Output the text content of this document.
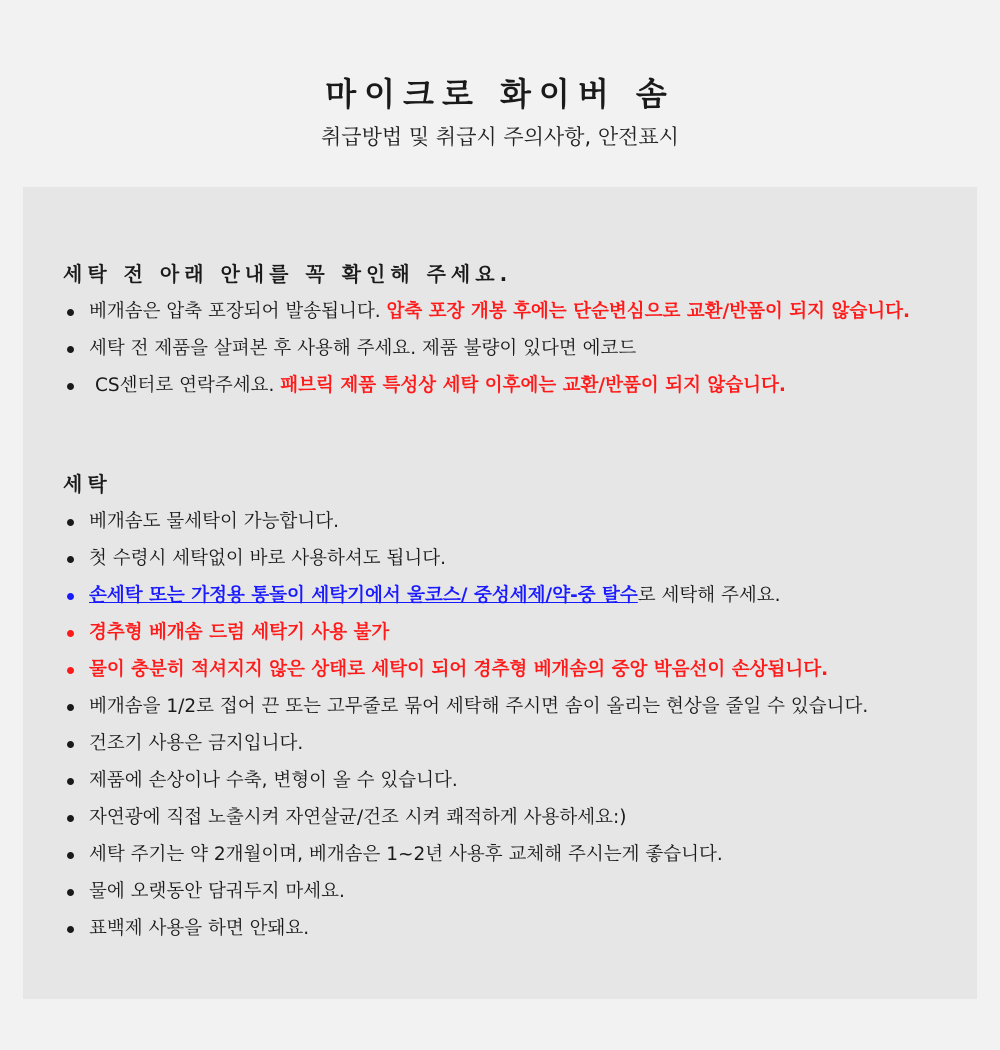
마이크로 화이버 솜
취급방법 및 취급시 주의사항, 안전표시
세탁 전 아래 안내를 꼭 확인해 주세요.
베개솜은 압축 포장되어 발송됩니다. 압축 포장 개봉 후에는 단순변심으로 교환/반품이 되지 않습니다.
세탁 전 제품을 살펴본 후 사용해 주세요. 제품 불량이 있다면 에코드
CS센터로 연락주세요. 패브릭 제품 특성상 세탁 이후에는 교환/반품이 되지 않습니다.
세탁
베개솜도 물세탁이 가능합니다.
첫 수령시 세탁없이 바로 사용하셔도 됩니다.
손세탁 또는 가정용 통돌이 세탁기에서 울코스/ 중성세제/약-중 탈수로 세탁해 주세요.
경추형 베개솜 드럼 세탁기 사용 불가
물이 충분히 적셔지지 않은 상태로 세탁이 되어 경추형 베개솜의 중앙 박음선이 손상됩니다.
베개솜을 1/2로 접어 끈 또는 고무줄로 묶어 세탁해 주시면 솜이 올리는 현상을 줄일 수 있습니다.
건조기 사용은 금지입니다.
제품에 손상이나 수축, 변형이 올 수 있습니다.
자연광에 직접 노출시켜 자연살균/건조 시켜 쾌적하게 사용하세요:)
세탁 주기는 약 2개월이며, 베개솜은 1~2년 사용후 교체해 주시는게 좋습니다.
물에 오랫동안 담궈두지 마세요.
표백제 사용을 하면 안돼요.
